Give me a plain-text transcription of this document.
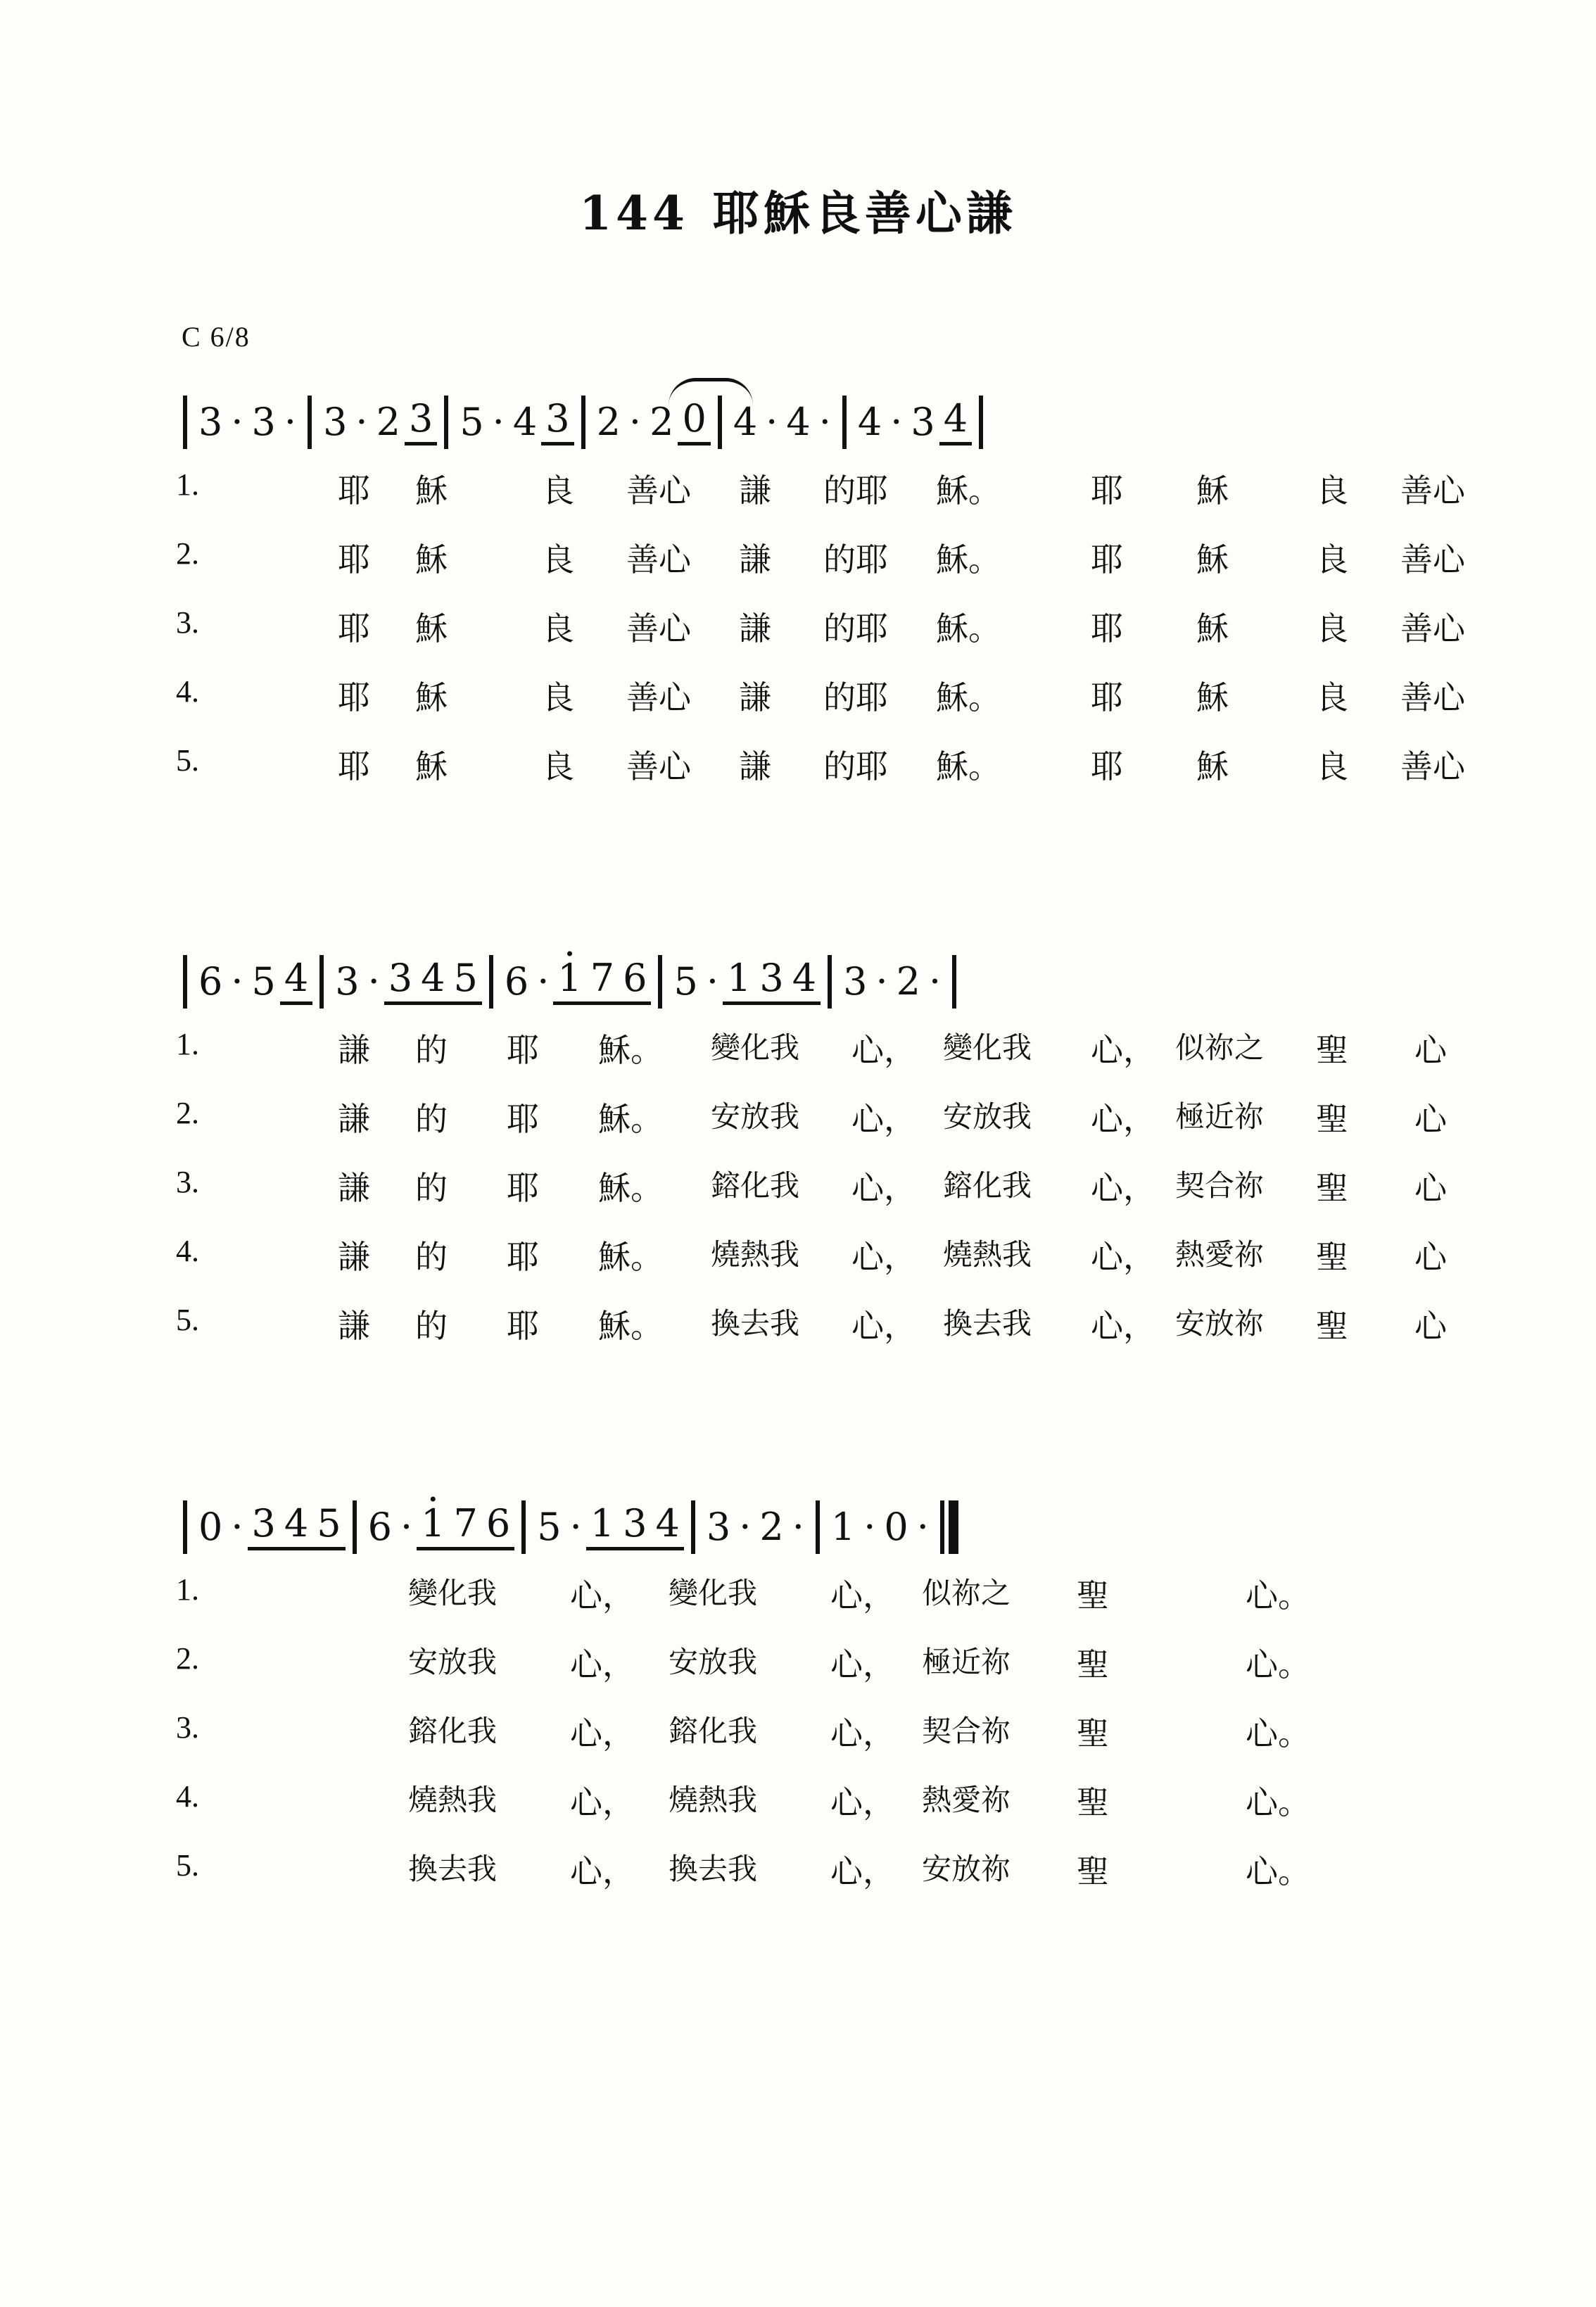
144 耶穌良善心謙
C 6/8
3 · 3 · 3 · 2 3 5 · 4 3 2 · 2 0 4 · 4 · 4 · 3 4
1.	耶 穌	良 善心 謙 的耶 穌。	耶 穌	良 善心
2.	耶 穌	良 善心 謙 的耶 穌。	耶 穌	良 善心
3.	耶 穌	良 善心 謙 的耶 穌。	耶 穌	良 善心
4.	耶 穌	良 善心 謙 的耶 穌。	耶 穌	良 善心
5.	耶 穌	良 善心 謙 的耶 穌。	耶 穌	良 善心
6 · 5 4 3 · 3 4 5 6 · · 1 7 6 5 · 1 3 4 3 · 2 ·
1.	謙 的 耶 穌。 變化我 心， 變化我 心， 似祢之 聖 心
2.	謙 的 耶 穌。 安放我 心， 安放我 心， 極近祢 聖 心
3.	謙 的 耶 穌。 鎔化我 心， 鎔化我 心， 契合祢 聖 心
4.	謙 的 耶 穌。 燒熱我 心， 燒熱我 心， 熱愛祢 聖 心
5.	謙 的 耶 穌。 換去我 心， 換去我 心， 安放祢 聖 心
0 · 3 4 5 6 · · 1 7 6 5 · 1 3 4 3 · 2 · 1 · 0 ·
1.	變化我 心， 變化我 心， 似祢之 聖	心。
2.	安放我 心， 安放我 心， 極近祢 聖	心。
3.	鎔化我 心， 鎔化我 心， 契合祢 聖	心。
4.	燒熱我 心， 燒熱我 心， 熱愛祢 聖	心。
5.	換去我 心， 換去我 心， 安放祢 聖	心。
